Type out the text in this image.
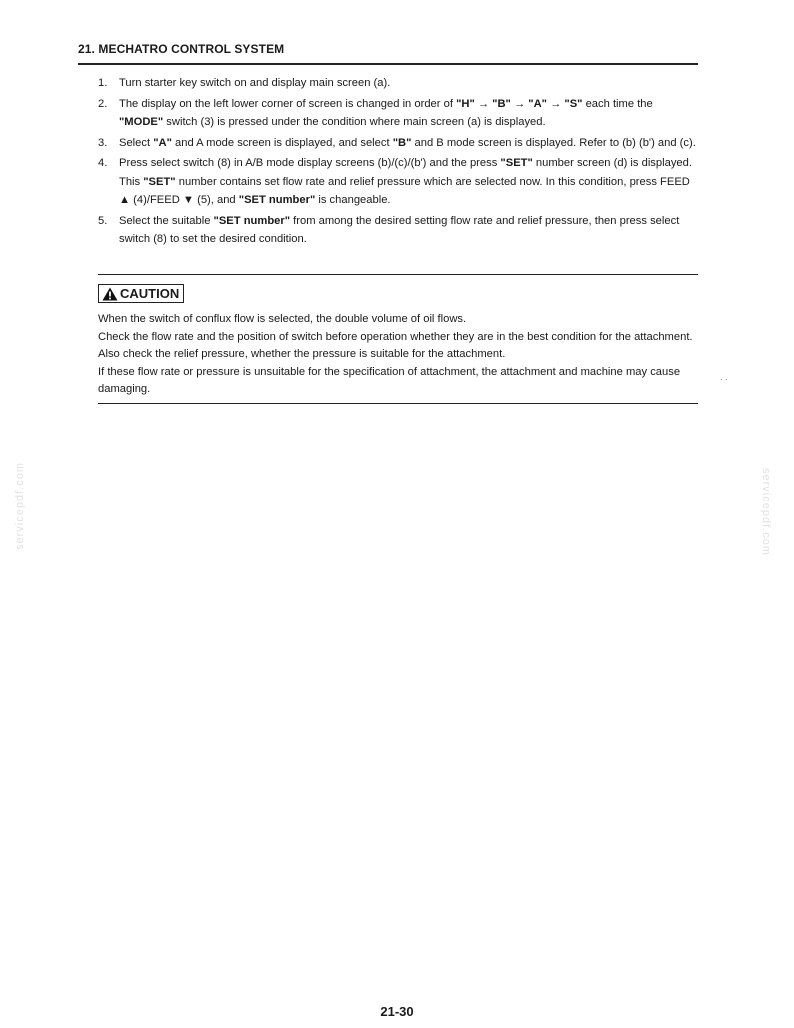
21. MECHATRO CONTROL SYSTEM
1.	Turn starter key switch on and display main screen (a).
2.	The display on the left lower corner of screen is changed in order of "H" → "B" → "A" → "S" each time the "MODE" switch (3) is pressed under the condition where main screen (a) is displayed.
3.	Select "A" and A mode screen is displayed, and select "B" and B mode screen is displayed. Refer to (b) (b') and (c).
4.	Press select switch (8) in A/B mode display screens (b)/(c)/(b') and the press "SET" number screen (d) is displayed. This "SET" number contains set flow rate and relief pressure which are selected now. In this condition, press FEED ▲ (4)/FEED ▼ (5), and "SET number" is changeable.
5.	Select the suitable "SET number" from among the desired setting flow rate and relief pressure, then press select switch (8) to set the desired condition.
CAUTION

When the switch of conflux flow is selected, the double volume of oil flows.

Check the flow rate and the position of switch before operation whether they are in the best condition for the attachment. Also check the relief pressure, whether the pressure is suitable for the attachment.

If these flow rate or pressure is unsuitable for the specification of attachment, the attachment and machine may cause damaging.

servicepdf.com	servicepdf.com
. .
21-30
